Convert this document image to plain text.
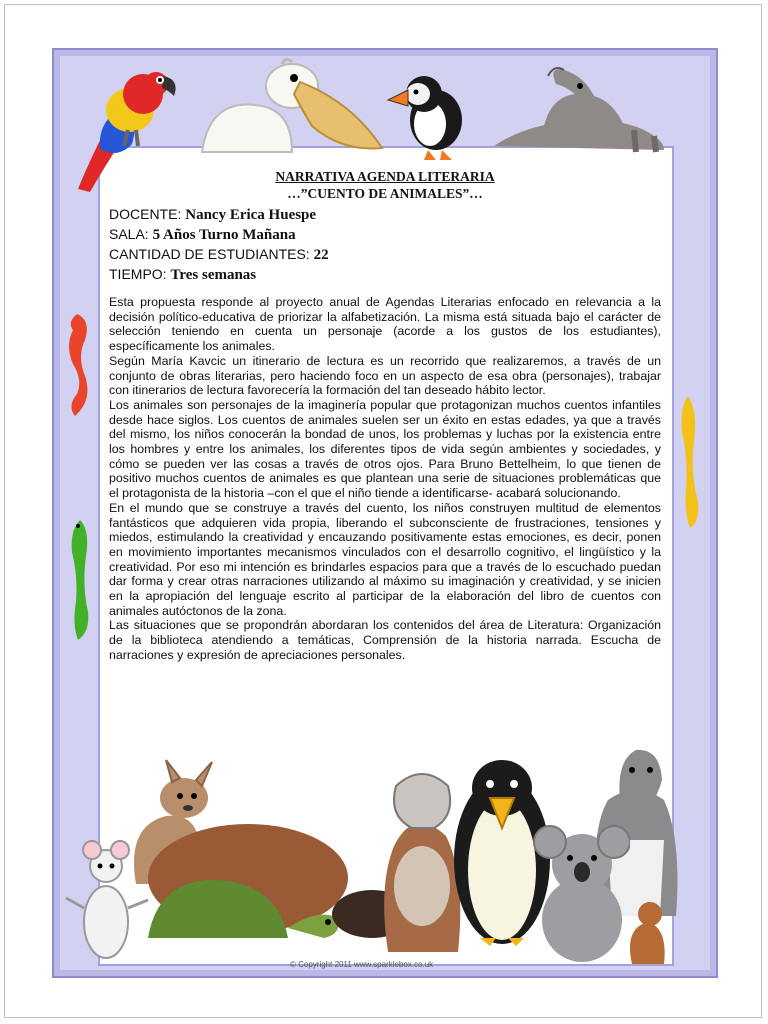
NARRATIVA AGENDA LITERARIA
…”CUENTO DE ANIMALES”…
DOCENTE: Nancy Erica Huespe
SALA: 5 Años Turno Mañana
CANTIDAD DE ESTUDIANTES: 22
TIEMPO: Tres semanas

Esta propuesta responde al proyecto anual de Agendas Literarias enfocado en relevancia a la decisión político-educativa de priorizar la alfabetización. La misma está situada bajo el carácter de selección teniendo en cuenta un personaje (acorde a los gustos de los estudiantes), específicamente los animales.

Según María Kavcic un itinerario de lectura es un recorrido que realizaremos, a través de un conjunto de obras literarias, pero haciendo foco en un aspecto de esa obra (personajes), trabajar con itinerarios de lectura favorecería la formación del tan deseado hábito lector.

Los animales son personajes de la imaginería popular que protagonizan muchos cuentos infantiles desde hace siglos. Los cuentos de animales suelen ser un éxito en estas edades, ya que a través del mismo, los niños conocerán la bondad de unos, los problemas y luchas por la existencia entre los hombres y entre los animales, los diferentes tipos de vida según ambientes y sociedades, y cómo se pueden ver las cosas a través de otros ojos. Para Bruno Bettelheim, lo que tienen de positivo muchos cuentos de animales es que plantean una serie de situaciones problemáticas que el protagonista de la historia –con el que el niño tiende a identificarse- acabará solucionando.

En el mundo que se construye a través del cuento, los niños construyen multitud de elementos fantásticos que adquieren vida propia, liberando el subconsciente de frustraciones, tensiones y miedos, estimulando la creatividad y encauzando positivamente estas emociones, es decir, ponen en movimiento importantes mecanismos vinculados con el desarrollo cognitivo, el lingüístico y la creatividad. Por eso mi intención es brindarles espacios para que a través de lo escuchado puedan dar forma y crear otras narraciones utilizando al máximo su imaginación y creatividad, y se inicien en la apropiación del lenguaje escrito al participar de la elaboración del libro de cuentos con animales autóctonos de la zona.

Las situaciones que se propondrán abordaran los contenidos del área de Literatura: Organización de la biblioteca atendiendo a temáticas, Comprensión de la historia narrada. Escucha de narraciones y expresión de apreciaciones personales.

© Copyright 2011 www.sparklebox.co.uk
